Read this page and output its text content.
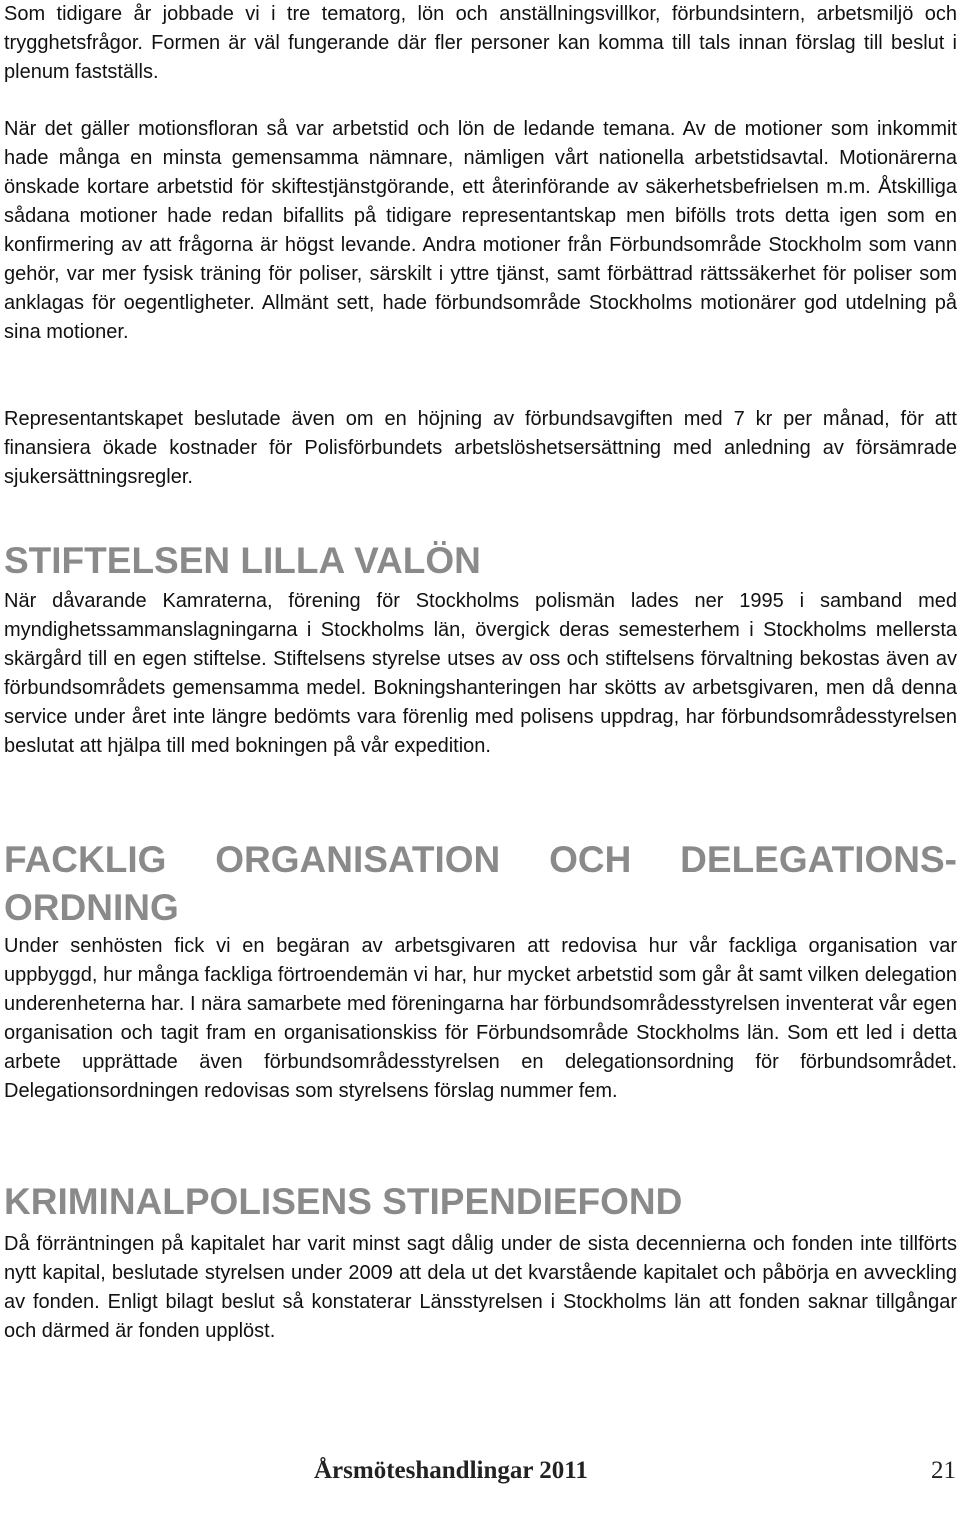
Som tidigare år jobbade vi i tre tematorg, lön och anställningsvillkor, förbundsintern, arbetsmiljö och trygghetsfrågor. Formen är väl fungerande där fler personer kan komma till tals innan förslag till beslut i plenum fastställs.

När det gäller motionsfloran så var arbetstid och lön de ledande temana. Av de motioner som inkommit hade många en minsta gemensamma nämnare, nämligen vårt nationella arbetstidsavtal. Motionärerna önskade kortare arbetstid för skiftestjänstgörande, ett återinförande av säkerhetsbefrielsen m.m. Åtskilliga sådana motioner hade redan bifallits på tidigare representantskap men bifölls trots detta igen som en konfirmering av att frågorna är högst levande. Andra motioner från Förbundsområde Stockholm som vann gehör, var mer fysisk träning för poliser, särskilt i yttre tjänst, samt förbättrad rättssäkerhet för poliser som anklagas för oegentligheter. Allmänt sett, hade förbundsområde Stockholms motionärer god utdelning på sina motioner.

Representantskapet beslutade även om en höjning av förbundsavgiften med 7 kr per månad, för att finansiera ökade kostnader för Polisförbundets arbetslöshetsersättning med anledning av försämrade sjukersättningsregler.

STIFTELSEN LILLA VALÖN

När dåvarande Kamraterna, förening för Stockholms polismän lades ner 1995 i samband med myndighetssammanslagningarna i Stockholms län, övergick deras semesterhem i Stockholms mellersta skärgård till en egen stiftelse. Stiftelsens styrelse utses av oss och stiftelsens förvaltning bekostas även av förbundsområdets gemensamma medel. Bokningshanteringen har skötts av arbetsgivaren, men då denna service under året inte längre bedömts vara förenlig med polisens uppdrag, har förbundsområdesstyrelsen beslutat att hjälpa till med bokningen på vår expedition.

FACKLIG ORGANISATION OCH DELEGATIONS-ORDNING

Under senhösten fick vi en begäran av arbetsgivaren att redovisa hur vår fackliga organisation var uppbyggd, hur många fackliga förtroendemän vi har, hur mycket arbetstid som går åt samt vilken delegation underenheterna har. I nära samarbete med föreningarna har förbundsområdesstyrelsen inventerat vår egen organisation och tagit fram en organisationskiss för Förbundsområde Stockholms län. Som ett led i detta arbete upprättade även förbundsområdesstyrelsen en delegationsordning för förbundsområdet. Delegationsordningen redovisas som styrelsens förslag nummer fem.

KRIMINALPOLISENS STIPENDIEFOND

Då förräntningen på kapitalet har varit minst sagt dålig under de sista decennierna och fonden inte tillförts nytt kapital, beslutade styrelsen under 2009 att dela ut det kvarstående kapitalet och påbörja en avveckling av fonden. Enligt bilagt beslut så konstaterar Länsstyrelsen i Stockholms län att fonden saknar tillgångar och därmed är fonden upplöst.

Årsmöteshandlingar 2011	21
